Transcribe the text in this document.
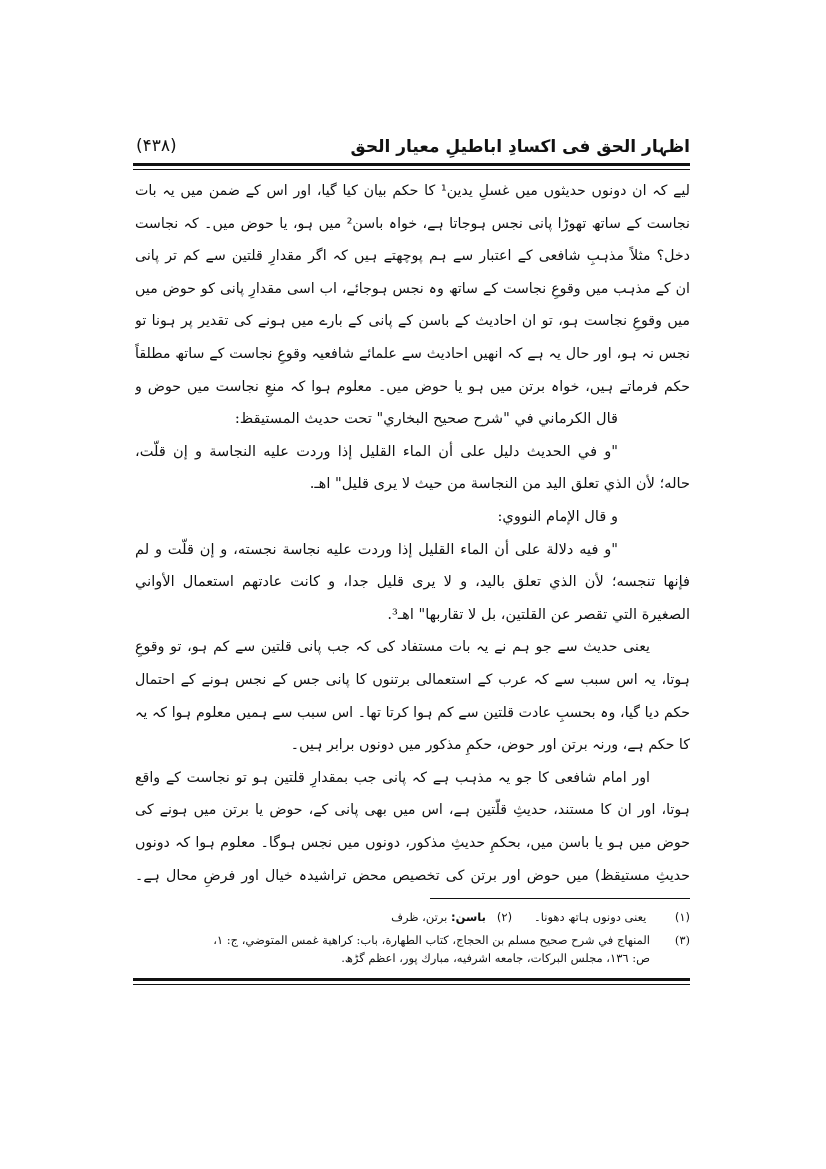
اظہار الحق فی اکسادِ اباطیلِ معیار الحق
(۴۳۸)
لیے کہ ان دونوں حدیثوں میں غسلِ یدین¹ کا حکم بیان کیا گیا، اور اس کے ضمن میں یہ بات
نجاست کے ساتھ تھوڑا پانی نجس ہوجاتا ہے، خواہ باسن² میں ہو، یا حوض میں۔ کہ نجاست
دخل؟ مثلاً مذہبِ شافعی کے اعتبار سے ہم پوچھتے ہیں کہ اگر مقدارِ قلتین سے کم تر پانی
ان کے مذہب میں وقوعِ نجاست کے ساتھ وہ نجس ہوجائے، اب اسی مقدارِ پانی کو حوض میں
میں وقوعِ نجاست ہو، تو ان احادیث کے باسن کے پانی کے بارے میں ہونے کی تقدیر پر ہونا تو
نجس نہ ہو، اور حال یہ ہے کہ انھیں احادیث سے علمائے شافعیہ وقوعِ نجاست کے ساتھ مطلقاً
حکم فرماتے ہیں، خواہ برتن میں ہو یا حوض میں۔ معلوم ہوا کہ منعِ نجاست میں حوض و
قال الكرماني في "شرح صحيح البخاري" تحت حديث المستيقظ:
"و في الحديث دليل على أن الماء القليل إذا وردت عليه النجاسة و إن قلّت،
حاله؛ لأن الذي تعلق اليد من النجاسة من حيث لا يرى قليل" اهـ.
و قال الإمام النووي:
"و فيه دلالة على أن الماء القليل إذا وردت عليه نجاسة نجسته، و إن قلّت و لم
فإنها تنجسه؛ لأن الذي تعلق باليد، و لا يرى قليل جدا، و كانت عادتهم استعمال الأواني
الصغيرة التي تقصر عن القلتين، بل لا تقاربها" اهـ³.
یعنی حدیث سے جو ہم نے یہ بات مستفاد کی کہ جب پانی قلتین سے کم ہو، تو وقوعِ
ہوتا، یہ اس سبب سے کہ عرب کے استعمالی برتنوں کا پانی جس کے نجس ہونے کے احتمال
حکم دیا گیا، وہ بحسبِ عادت قلتین سے کم ہوا کرتا تھا۔ اس سبب سے ہمیں معلوم ہوا کہ یہ
کا حکم ہے، ورنہ برتن اور حوض، حکمِ مذکور میں دونوں برابر ہیں۔
اور امام شافعی کا جو یہ مذہب ہے کہ پانی جب بمقدارِ قلتین ہو تو نجاست کے واقع
ہوتا، اور ان کا مستند، حدیثِ قلّتین ہے، اس میں بھی پانی کے، حوض یا برتن میں ہونے کی
حوض میں ہو یا باسن میں، بحکمِ حدیثِ مذکور، دونوں میں نجس ہوگا۔ معلوم ہوا کہ دونوں
حدیثِ مستیقظ) میں حوض اور برتن کی تخصیص محض تراشیدہ خیال اور فرضِ محال ہے۔
(۱) یعنی دونوں ہاتھ دھونا۔      (۲)   باسن: برتن، ظرف
(۳)المنهاج في شرح صحيح مسلم بن الحجاج، كتاب الطهارة، باب: كراهية غمس المتوضي، ج: ١،
ص: ١٣٦، مجلس البركات، جامعه اشرفيه، مبارك پور، اعظم گڑھ.
